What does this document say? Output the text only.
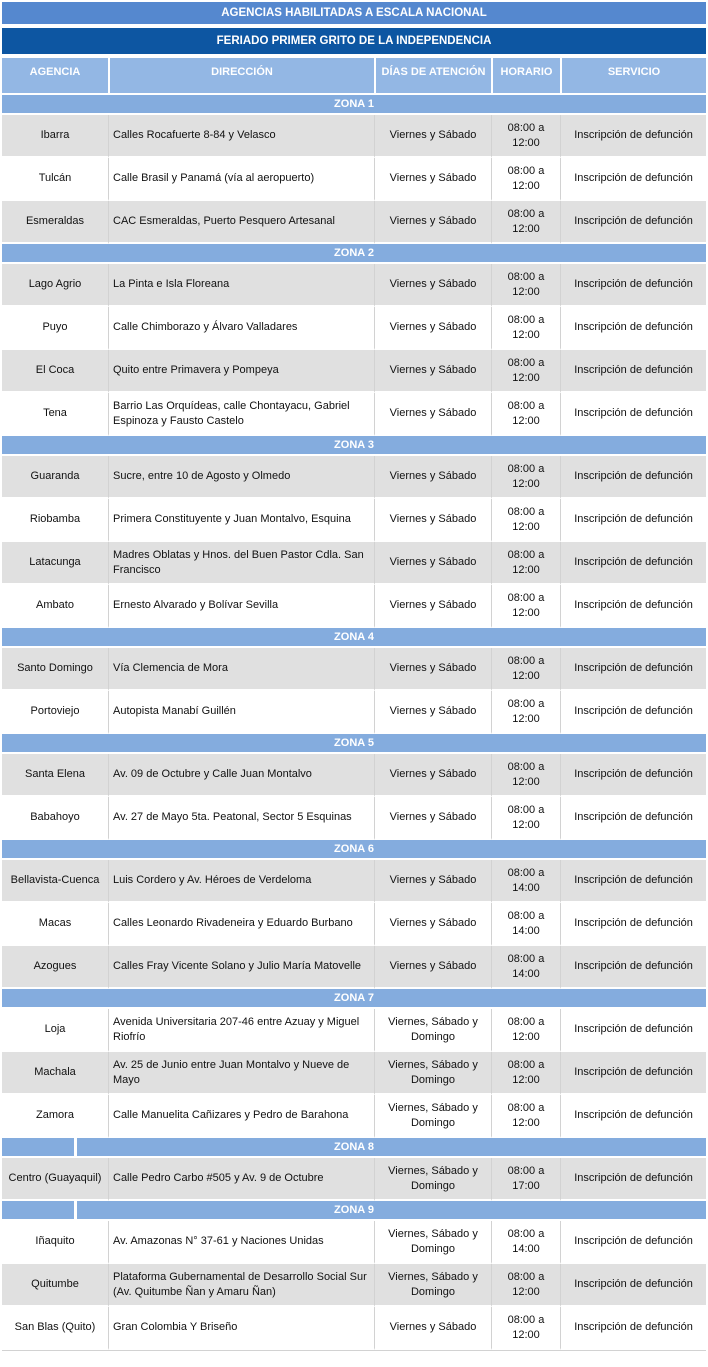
AGENCIAS HABILITADAS A ESCALA NACIONAL				
FERIADO PRIMER GRITO DE LA INDEPENDENCIA				
AGENCIA	DIRECCIÓN	DÍAS DE ATENCIÓN	HORARIO	SERVICIO
ZONA 1				
Ibarra	Calles Rocafuerte 8-84 y Velasco	Viernes y Sábado	08:00 a 12:00	Inscripción de defunción
Tulcán	Calle Brasil y Panamá (vía al aeropuerto)	Viernes y Sábado	08:00 a 12:00	Inscripción de defunción
Esmeraldas	CAC Esmeraldas, Puerto Pesquero Artesanal	Viernes y Sábado	08:00 a 12:00	Inscripción de defunción
ZONA 2				
Lago Agrio	La Pinta e Isla Floreana	Viernes y Sábado	08:00 a 12:00	Inscripción de defunción
Puyo	Calle Chimborazo y Álvaro Valladares	Viernes y Sábado	08:00 a 12:00	Inscripción de defunción
El Coca	Quito entre Primavera y Pompeya	Viernes y Sábado	08:00 a 12:00	Inscripción de defunción
Tena	Barrio Las Orquídeas, calle Chontayacu, Gabriel Espinoza y Fausto Castelo	Viernes y Sábado	08:00 a 12:00	Inscripción de defunción
ZONA 3				
Guaranda	Sucre, entre 10 de Agosto y Olmedo	Viernes y Sábado	08:00 a 12:00	Inscripción de defunción
Riobamba	Primera Constituyente y Juan Montalvo, Esquina	Viernes y Sábado	08:00 a 12:00	Inscripción de defunción
Latacunga	Madres Oblatas y Hnos. del Buen Pastor Cdla. San Francisco	Viernes y Sábado	08:00 a 12:00	Inscripción de defunción
Ambato	Ernesto Alvarado y Bolívar Sevilla	Viernes y Sábado	08:00 a 12:00	Inscripción de defunción
ZONA 4				
Santo Domingo	Vía Clemencia de Mora	Viernes y Sábado	08:00 a 12:00	Inscripción de defunción
Portoviejo	Autopista Manabí Guillén	Viernes y Sábado	08:00 a 12:00	Inscripción de defunción
ZONA 5				
Santa Elena	Av. 09 de Octubre y Calle Juan Montalvo	Viernes y Sábado	08:00 a 12:00	Inscripción de defunción
Babahoyo	Av. 27 de Mayo 5ta. Peatonal, Sector 5 Esquinas	Viernes y Sábado	08:00 a 12:00	Inscripción de defunción
ZONA 6				
Bellavista-Cuenca	Luis Cordero y Av. Héroes de Verdeloma	Viernes y Sábado	08:00 a 14:00	Inscripción de defunción
Macas	Calles Leonardo Rivadeneira y Eduardo Burbano	Viernes y Sábado	08:00 a 14:00	Inscripción de defunción
Azogues	Calles Fray Vicente Solano y Julio María Matovelle	Viernes y Sábado	08:00 a 14:00	Inscripción de defunción
ZONA 7				
Loja	Avenida Universitaria 207-46 entre Azuay y Miguel Riofrío	Viernes, Sábado y Domingo	08:00 a 12:00	Inscripción de defunción
Machala	Av. 25 de Junio entre Juan Montalvo y Nueve de Mayo	Viernes, Sábado y Domingo	08:00 a 12:00	Inscripción de defunción
Zamora	Calle Manuelita Cañizares y Pedro de Barahona	Viernes, Sábado y Domingo	08:00 a 12:00	Inscripción de defunción
ZONA 8				
Centro (Guayaquil)	Calle Pedro Carbo #505 y Av. 9 de Octubre	Viernes, Sábado y Domingo	08:00 a 17:00	Inscripción de defunción
ZONA 9				
Iñaquito	Av. Amazonas N° 37-61 y Naciones Unidas	Viernes, Sábado y Domingo	08:00 a 14:00	Inscripción de defunción
Quitumbe	Plataforma Gubernamental de Desarrollo Social Sur (Av. Quitumbe Ñan y Amaru Ñan)	Viernes, Sábado y Domingo	08:00 a 12:00	Inscripción de defunción
San Blas (Quito)	Gran Colombia Y Briseño	Viernes y Sábado	08:00 a 12:00	Inscripción de defunción
